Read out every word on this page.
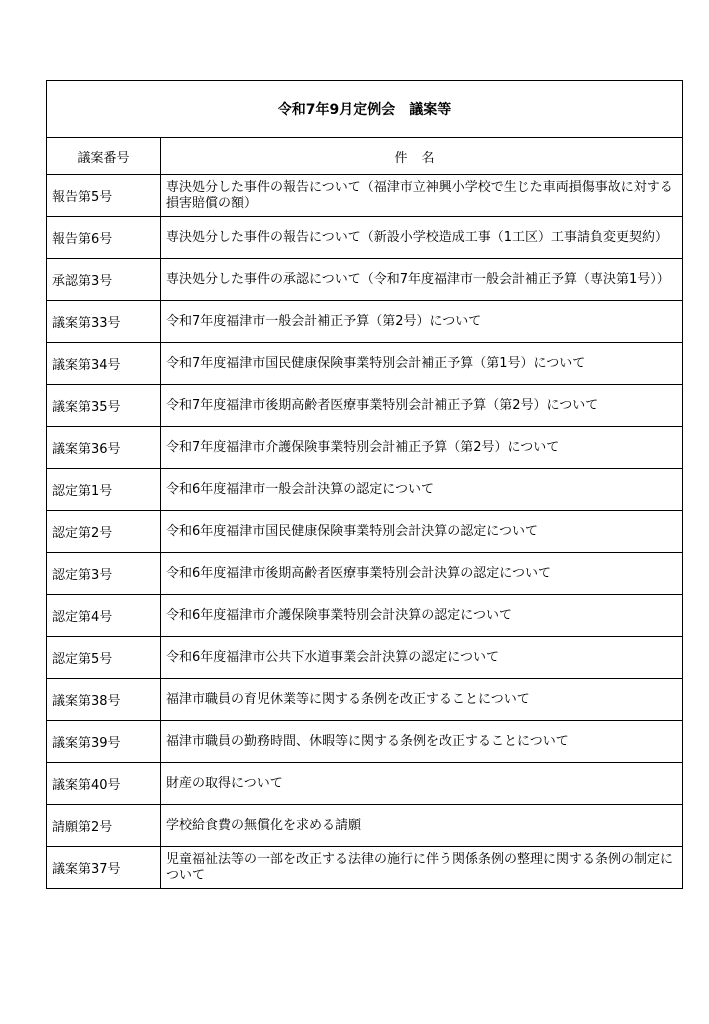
令和7年9月定例会　議案等	
議案番号	件名
報告第5号	専決処分した事件の報告について（福津市立神興小学校で生じた車両損傷事故に対する損害賠償の額）
報告第6号	専決処分した事件の報告について（新設小学校造成工事（1工区）工事請負変更契約）
承認第3号	専決処分した事件の承認について（令和7年度福津市一般会計補正予算（専決第1号））
議案第33号	令和7年度福津市一般会計補正予算（第2号）について
議案第34号	令和7年度福津市国民健康保険事業特別会計補正予算（第1号）について
議案第35号	令和7年度福津市後期高齢者医療事業特別会計補正予算（第2号）について
議案第36号	令和7年度福津市介護保険事業特別会計補正予算（第2号）について
認定第1号	令和6年度福津市一般会計決算の認定について
認定第2号	令和6年度福津市国民健康保険事業特別会計決算の認定について
認定第3号	令和6年度福津市後期高齢者医療事業特別会計決算の認定について
認定第4号	令和6年度福津市介護保険事業特別会計決算の認定について
認定第5号	令和6年度福津市公共下水道事業会計決算の認定について
議案第38号	福津市職員の育児休業等に関する条例を改正することについて
議案第39号	福津市職員の勤務時間、休暇等に関する条例を改正することについて
議案第40号	財産の取得について
請願第2号	学校給食費の無償化を求める請願
議案第37号	児童福祉法等の一部を改正する法律の施行に伴う関係条例の整理に関する条例の制定について
